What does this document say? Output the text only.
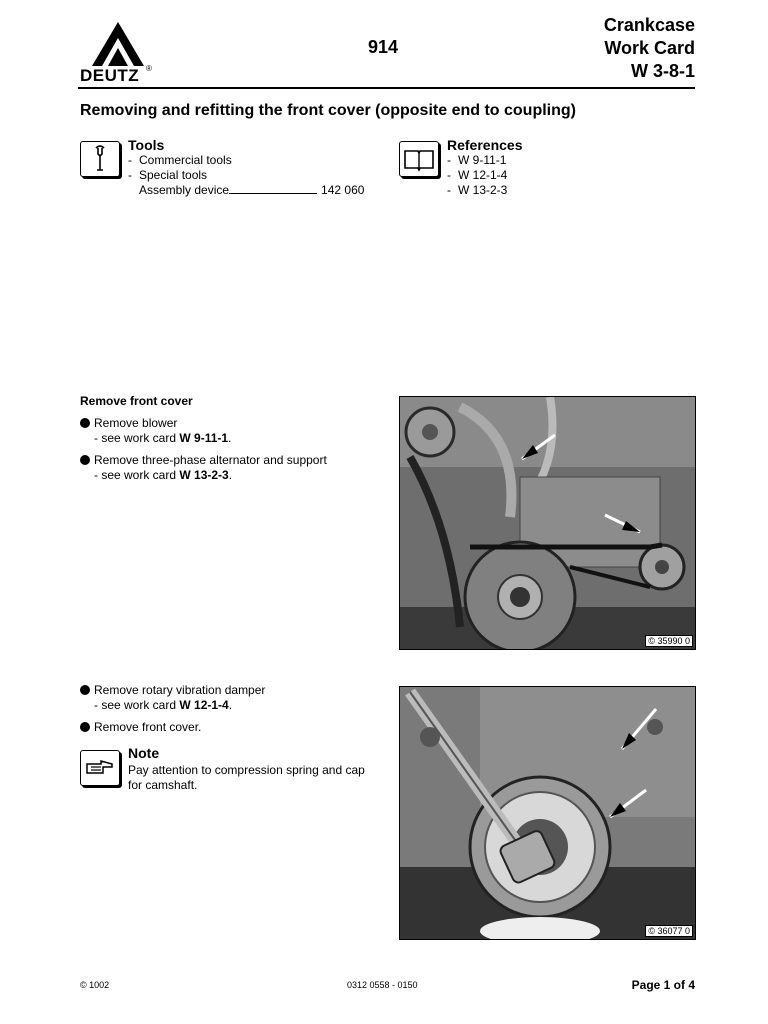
DEUTZ ®
914
Crankcase
Work Card
W 3-8-1
Removing and refitting the front cover (opposite end to coupling)
Tools
- Commercial tools
- Special tools
Assembly device	142 060
References
- W 9-11-1
- W 12-1-4
- W 13-2-3
Remove front cover
Remove blower
- see work card W 9-11-1.
Remove three-phase alternator and support
- see work card W 13-2-3.
© 35990 0
Remove rotary vibration damper
- see work card W 12-1-4.
Remove front cover.
Note
Pay attention to compression spring and cap for camshaft.
© 36077 0
© 1002	0312 0558 - 0150	Page 1 of 4
